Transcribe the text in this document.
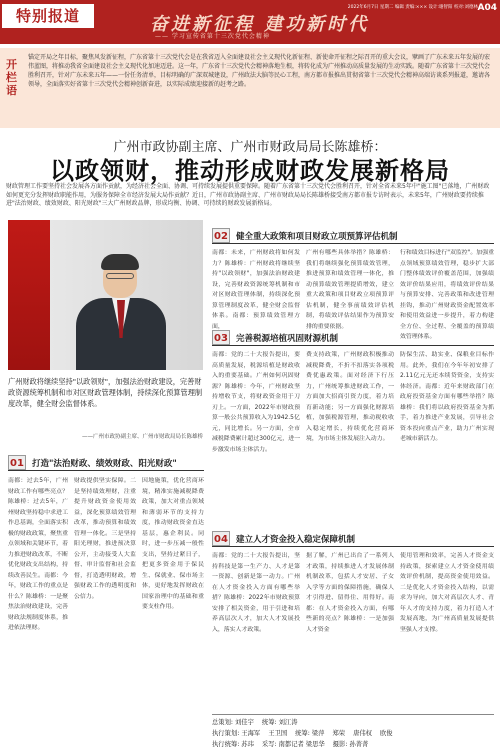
特别报道	奋进新征程 建功新时代
—— 学习宣传省第十三次党代会精神
2022年6月7日 星期二 编辑 责编:××× 设计:谢智阳 校对:刘德林 A04
开栏语
锚定开局之年目标，聚焦风发新征程，广东省第十三次党代会是在我省迈入全面建设社会主义现代化新征程、新使命开征程之际召开的重大会议，擘画了广东未来五年发展的宏伟蓝图，将推动我省全面建设社会主义现代化加速迈进。这一年，广东省十三次党代会精神落地生根，将转化成为广州推动高质量发展的生动实践。随着广东省第十三次党代会胜利召开，针对广东未来五年——一份任务清单，目标明确的广深双城建设，广州政法大脑等民心工程，南方都市报推出贯彻省第十三次党代会精神高端访谈系列报道，邀请各领导，全面落实好省第十三次党代会精神创新奋进，以实际成绩迎接新的赶考之路。
广州市政协副主席、广州市财政局局长陈雄桥：
以政领财，推动形成财政发展新格局
财政管理工作要坚持社会发展各方面作贡献，为经济社会全面、协调、可持续发展提供重要保障。随着广东省第十三次党代会胜利召开，针对全省未来5年中"施工图"已落地，广州财政如何更充分发挥财政职能作用，为服务保障全市经济发展大局作贡献？近日，广州市政协副主席、广州市财政局局长陈雄桥接受南方都市报专访时表示，未来5年，广州财政要持续推进"法治财政、绩效财政、阳光财政"三大广州财政品牌，形成均衡、协调、可持续的财政发展新格局。
广州财政将继续坚持"以政领财"，加强法治财政建设，完善财政资源统筹机制和市对区财政管理体制，持续深化预算管理制度改革，健全财会监督体系。
——广州市政协副主席、广州市财政局局长陈雄桥
02 健全重大政策和项目财政立项预算评估机制
南都：未来，广州财政将如何发力？陈雄桥：广州财政将继续坚持"以政领财"，加强法治财政建设，完善财政资源统筹机制和市对区财政管理体制，持续深化预算管理制度改革，健全财会监督体系。南都：预算绩效管理方面，
广州有哪些具体举措？陈雄桥：我们将继续强化预算绩效管理，推进预算和绩效管理一体化，推动预算绩效管理提质增效，建立重大政策和项目财政立项预算评估机制，健全事前绩效评估机制，将绩效评估结果作为预算安排的重要依据。
行和绩效目标进行"双监控"。加强重点领域预算绩效管理，稳步扩大部门整体绩效评价覆盖范围，加强绩效评价结果应用，将绩效评价结果与预算安排、完善政策和改进管理挂钩，推动广州财政资金配置效率和使用效益进一步提升，着力构建全方位、全过程、全覆盖的预算绩效管理体系。
03 完善税源培植巩固财源机制
南都：党的二十大报告提出，要高质量发展，税源培植是财政收入的重要基础。广州如何巩固财源？陈雄桥：今年，广州财政坚持增收节支，将财政资金用于刀刃上。一方面，2022年市财政预算一般公共预算收入为1942.5亿元，同比增长。另一方面，全市减税降费累计超过300亿元，进一步激发市场主体活力。
费支持政策，广州财政积极推动减税降费，不折不扣落实各项税费优惠政策。面对经济下行压力，广州统筹推进财政工作，一方面加大招商引资力度，着力培育新动能；另一方面强化财源培植，加强税源管理，推动税收收入稳定增长，持续优化营商环境，为市场主体发展注入动力。
防保生活、助实业、保粮业目标作用。此外，我们在今年年初安排了2.11亿元无还本续贷资金，支持实体经济。南都：近年来财政部门在政府投资基金方面有哪些举措？陈雄桥：我们将以政府投资基金为抓手，着力推进产业发展，引导社会资本投向重点产业，助力广州实现老城市新活力。
04 建立人才资金投入稳定保障机制
南都：党的二十大报告提出，坚持科技是第一生产力、人才是第一资源、创新是第一动力。广州在人才资金投入方面有哪些举措？陈雄桥：2022年市财政预算安排了相关资金，用于引进和培养高层次人才，加大人才发展投入，落实人才政策。
据了解，广州已出台了一系列人才政策，持续推进人才发展体制机制改革，包括人才安居、子女入学等方面的保障措施，确保人才引得进、留得住、用得好。南都：在人才资金投入方面，有哪些新的亮点？陈雄桥：一是加强人才资金
使用管理和效率，完善人才资金支持政策，探索建立人才资金使用绩效评价机制，提高资金使用效益。二是优化人才资金投入结构，以需求为导向，加大对高层次人才、青年人才的支持力度，着力打造人才发展高地，为广州高质量发展提供坚强人才支撑。
01 打造"法治财政、绩效财政、阳光财政"
南都：过去5年，广州财政工作有哪些亮点？陈雄桥：过去5年，广州财政坚持稳中求进工作总基调，全面落实积极的财政政策，聚焦重点领域和关键环节，着力推进财政改革，不断优化财政支出结构，持续改善民生。南都：今年，财政工作的重点是什么？陈雄桥：一是聚焦法治财政建设，完善财政法规制度体系，推进依法理财。
财政提供坚实保障。二是坚持绩效理财，注重提升财政资金使用效益，深化预算绩效管理改革，推动预算和绩效管理一体化。三是坚持阳光理财，推进预决算公开，主动接受人大监督、审计监督和社会监督，打造透明财政，增强财政工作的透明度和公信力。
因地施策，优化营商环境，精准实施减税降费政策，加大对重点领域和薄弱环节的支持力度，推动财政资金直达基层，惠企利民。同时，进一步压减一般性支出，坚持过紧日子，把更多资金用于保民生、保就业、保市场主体，更好地发挥财政在国家治理中的基础和重要支柱作用。
总策划: 刘佳宇 统筹: 刘江涛
执行策划: 王海军 王卫国 统筹: 梁萍 郑荣 唐伟权 欧俊
执行统筹: 苏玮 采写: 南都记者 梁思华 摄影: 孙菁菁
